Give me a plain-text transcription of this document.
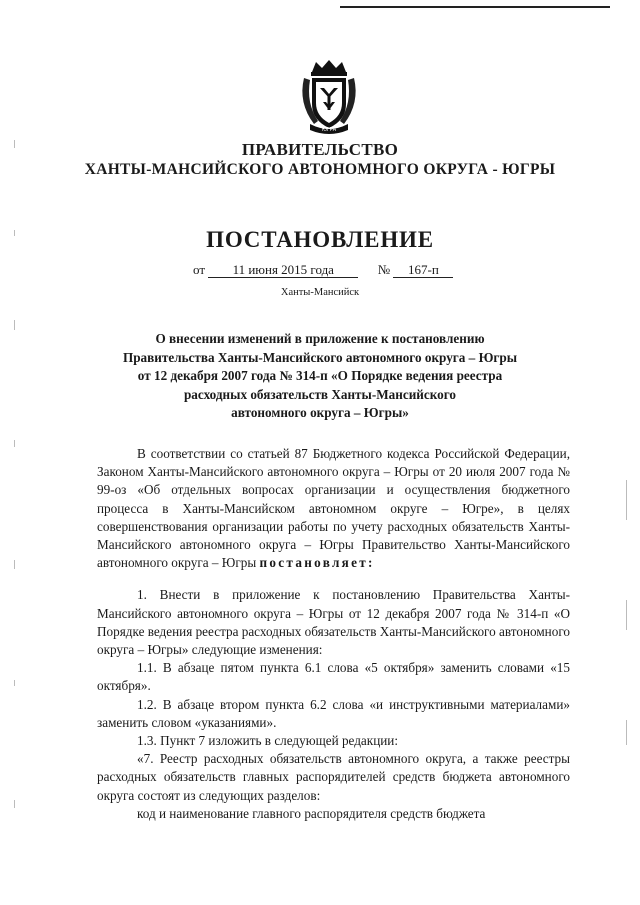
ЮГРА
ПРАВИТЕЛЬСТВО
ХАНТЫ-МАНСИЙСКОГО АВТОНОМНОГО ОКРУГА - ЮГРЫ
ПОСТАНОВЛЕНИЕ
от 11 июня 2015 года	№ 167-п
Ханты-Мансийск
О внесении изменений в приложение к постановлению
Правительства Ханты-Мансийского автономного округа – Югры
от 12 декабря 2007 года № 314-п «О Порядке ведения реестра
расходных обязательств Ханты-Мансийского
автономного округа – Югры»

В соответствии со статьей 87 Бюджетного кодекса Российской Федерации, Законом Ханты-Мансийского автономного округа – Югры от 20 июля 2007 года № 99-оз «Об отдельных вопросах организации и осуществления бюджетного процесса в Ханты-Мансийском автономном округе – Югре», в целях совершенствования организации работы по учету расходных обязательств Ханты-Мансийского автономного округа – Югры Правительство Ханты-Мансийского автономного округа – Югры постановляет:

1. Внести в приложение к постановлению Правительства Ханты-Мансийского автономного округа – Югры от 12 декабря 2007 года № 314-п «О Порядке ведения реестра расходных обязательств Ханты-Мансийского автономного округа – Югры» следующие изменения:

1.1. В абзаце пятом пункта 6.1 слова «5 октября» заменить словами «15 октября».

1.2. В абзаце втором пункта 6.2 слова «и инструктивными материалами» заменить словом «указаниями».

1.3. Пункт 7 изложить в следующей редакции:

«7. Реестр расходных обязательств автономного округа, а также реестры расходных обязательств главных распорядителей средств бюджета автономного округа состоят из следующих разделов:

код и наименование главного распорядителя средств бюджета
